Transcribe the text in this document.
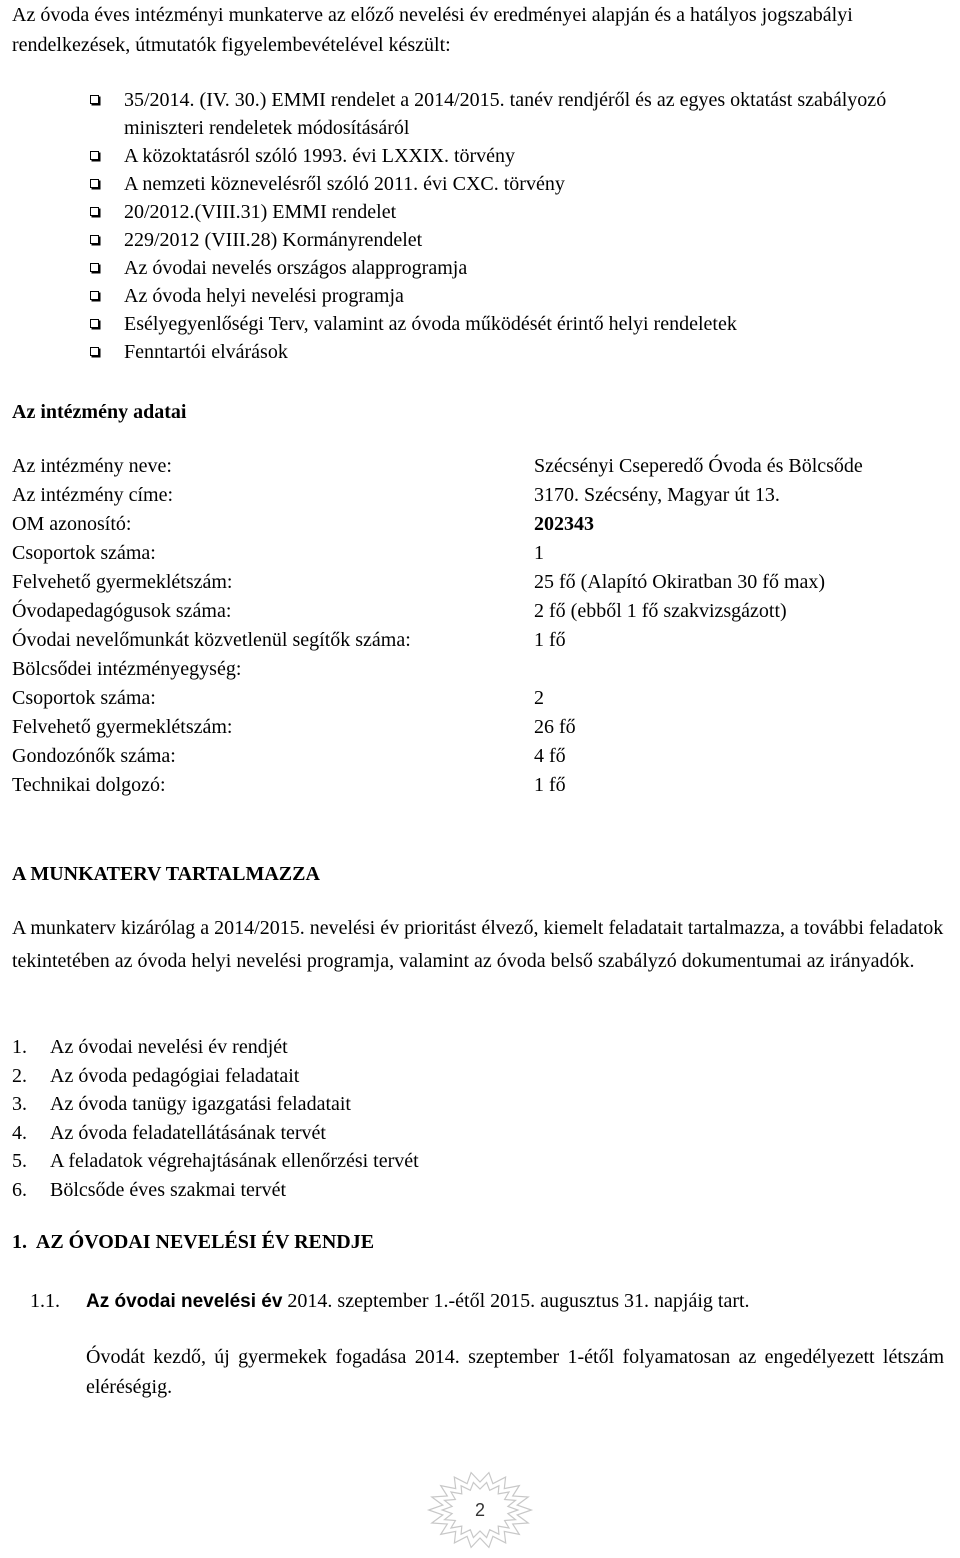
Az óvoda éves intézményi munkaterve az előző nevelési év eredményei alapján és a hatályos jogszabályi rendelkezések, útmutatók figyelembevételével készült:
35/2014. (IV. 30.) EMMI rendelet a 2014/2015. tanév rendjéről és az egyes oktatást szabályozó miniszteri rendeletek módosításáról
A közoktatásról szóló 1993. évi LXXIX. törvény
A nemzeti köznevelésről szóló 2011. évi CXC. törvény
20/2012.(VIII.31) EMMI rendelet
229/2012 (VIII.28) Kormányrendelet
Az óvodai nevelés országos alapprogramja
Az óvoda helyi nevelési programja
Esélyegyenlőségi Terv, valamint az óvoda működését érintő helyi rendeletek
Fenntartói elvárások
Az intézmény adatai
Az intézmény neve:	Szécsényi Cseperedő Óvoda és Bölcsőde
Az intézmény címe:	3170. Szécsény, Magyar út 13.
OM azonosító:	202343
Csoportok száma:	1
Felvehető gyermeklétszám:	25 fő (Alapító Okiratban 30 fő max)
Óvodapedagógusok száma:	2 fő (ebből 1 fő szakvizsgázott)
Óvodai nevelőmunkát közvetlenül segítők száma:	1 fő
Bölcsődei intézményegység:	
Csoportok száma:	2
Felvehető gyermeklétszám:	26 fő
Gondozónők száma:	4 fő
Technikai dolgozó:	1 fő
A MUNKATERV TARTALMAZZA
A munkaterv kizárólag a 2014/2015. nevelési év prioritást élvező, kiemelt feladatait tartalmazza, a további feladatok tekintetében az óvoda helyi nevelési programja, valamint az óvoda belső szabályzó dokumentumai az irányadók.
1. Az óvodai nevelési év rendjét
2. Az óvoda pedagógiai feladatait
3. Az óvoda tanügy igazgatási feladatait
4. Az óvoda feladatellátásának tervét
5. A feladatok végrehajtásának ellenőrzési tervét
6. Bölcsőde éves szakmai tervét
1.  AZ ÓVODAI NEVELÉSI ÉV RENDJE
1.1. Az óvodai nevelési év 2014. szeptember 1.-étől 2015. augusztus 31. napjáig tart.
Óvodát kezdő, új gyermekek fogadása 2014. szeptember 1-étől folyamatosan az engedélyezett létszám eléréségig.
2
